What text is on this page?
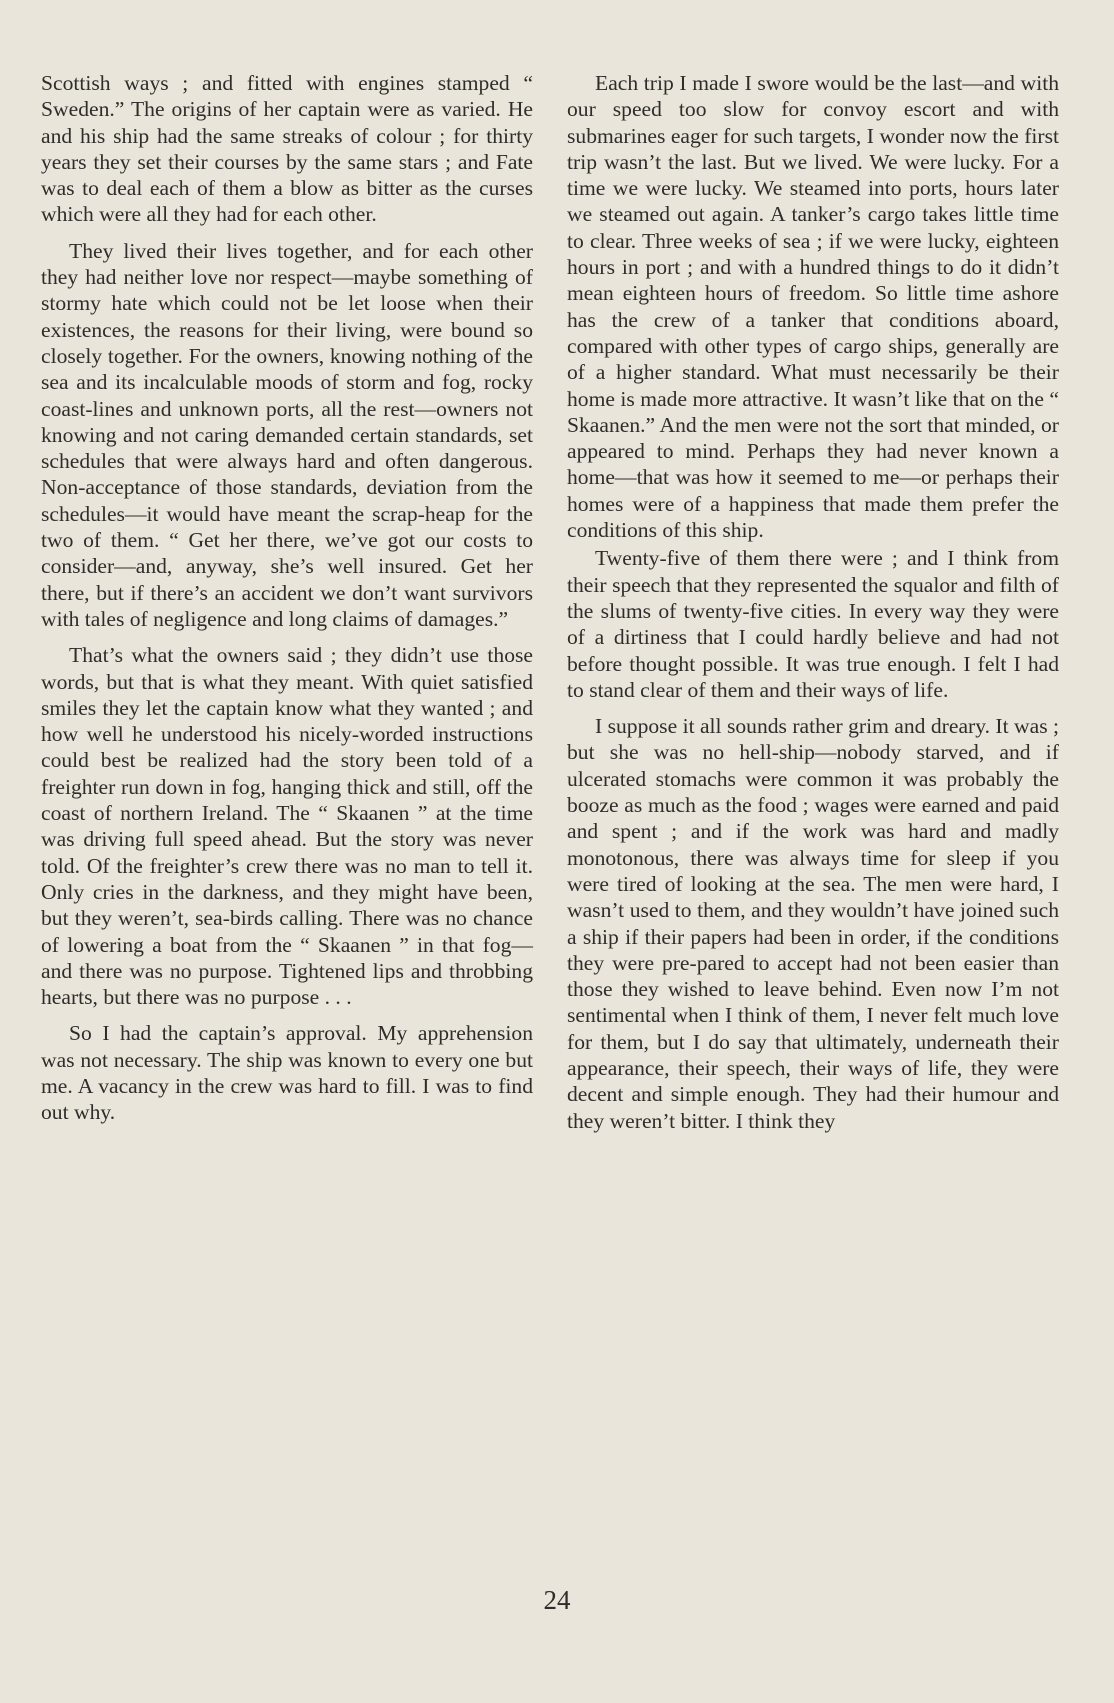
Scottish ways ; and fitted with engines stamped “ Sweden.” The origins of her captain were as varied. He and his ship had the same streaks of colour ; for thirty years they set their courses by the same stars ; and Fate was to deal each of them a blow as bitter as the curses which were all they had for each other.

They lived their lives together, and for each other they had neither love nor respect—maybe something of stormy hate which could not be let loose when their existences, the reasons for their living, were bound so closely together. For the owners, knowing nothing of the sea and its incalculable moods of storm and fog, rocky coast-lines and unknown ports, all the rest—owners not knowing and not caring demanded certain standards, set schedules that were always hard and often dangerous. Non-acceptance of those standards, deviation from the schedules—it would have meant the scrap-heap for the two of them. “ Get her there, we’ve got our costs to consider—and, anyway, she’s well insured. Get her there, but if there’s an accident we don’t want survivors with tales of negligence and long claims of damages.”

That’s what the owners said ; they didn’t use those words, but that is what they meant. With quiet satisfied smiles they let the captain know what they wanted ; and how well he understood his nicely-worded instructions could best be realized had the story been told of a freighter run down in fog, hanging thick and still, off the coast of northern Ireland. The “ Skaanen ” at the time was driving full speed ahead. But the story was never told. Of the freighter’s crew there was no man to tell it. Only cries in the darkness, and they might have been, but they weren’t, sea-birds calling. There was no chance of lowering a boat from the “ Skaanen ” in that fog—and there was no purpose. Tightened lips and throbbing hearts, but there was no purpose . . .

So I had the captain’s approval. My apprehension was not necessary. The ship was known to every one but me. A vacancy in the crew was hard to fill. I was to find out why.

Each trip I made I swore would be the last—and with our speed too slow for convoy escort and with submarines eager for such targets, I wonder now the first trip wasn’t the last. But we lived. We were lucky. For a time we were lucky. We steamed into ports, hours later we steamed out again. A tanker’s cargo takes little time to clear. Three weeks of sea ; if we were lucky, eighteen hours in port ; and with a hundred things to do it didn’t mean eighteen hours of freedom. So little time ashore has the crew of a tanker that conditions aboard, compared with other types of cargo ships, generally are of a higher standard. What must necessarily be their home is made more attractive. It wasn’t like that on the “ Skaanen.” And the men were not the sort that minded, or appeared to mind. Perhaps they had never known a home—that was how it seemed to me—or perhaps their homes were of a happiness that made them prefer the conditions of this ship.

Twenty-five of them there were ; and I think from their speech that they represented the squalor and filth of the slums of twenty-five cities. In every way they were of a dirtiness that I could hardly believe and had not before thought possible. It was true enough. I felt I had to stand clear of them and their ways of life.

I suppose it all sounds rather grim and dreary. It was ; but she was no hell-ship—nobody starved, and if ulcerated stomachs were common it was probably the booze as much as the food ; wages were earned and paid and spent ; and if the work was hard and madly monotonous, there was always time for sleep if you were tired of looking at the sea. The men were hard, I wasn’t used to them, and they wouldn’t have joined such a ship if their papers had been in order, if the conditions they were pre-pared to accept had not been easier than those they wished to leave behind. Even now I’m not sentimental when I think of them, I never felt much love for them, but I do say that ultimately, underneath their appearance, their speech, their ways of life, they were decent and simple enough. They had their humour and they weren’t bitter. I think they

24
